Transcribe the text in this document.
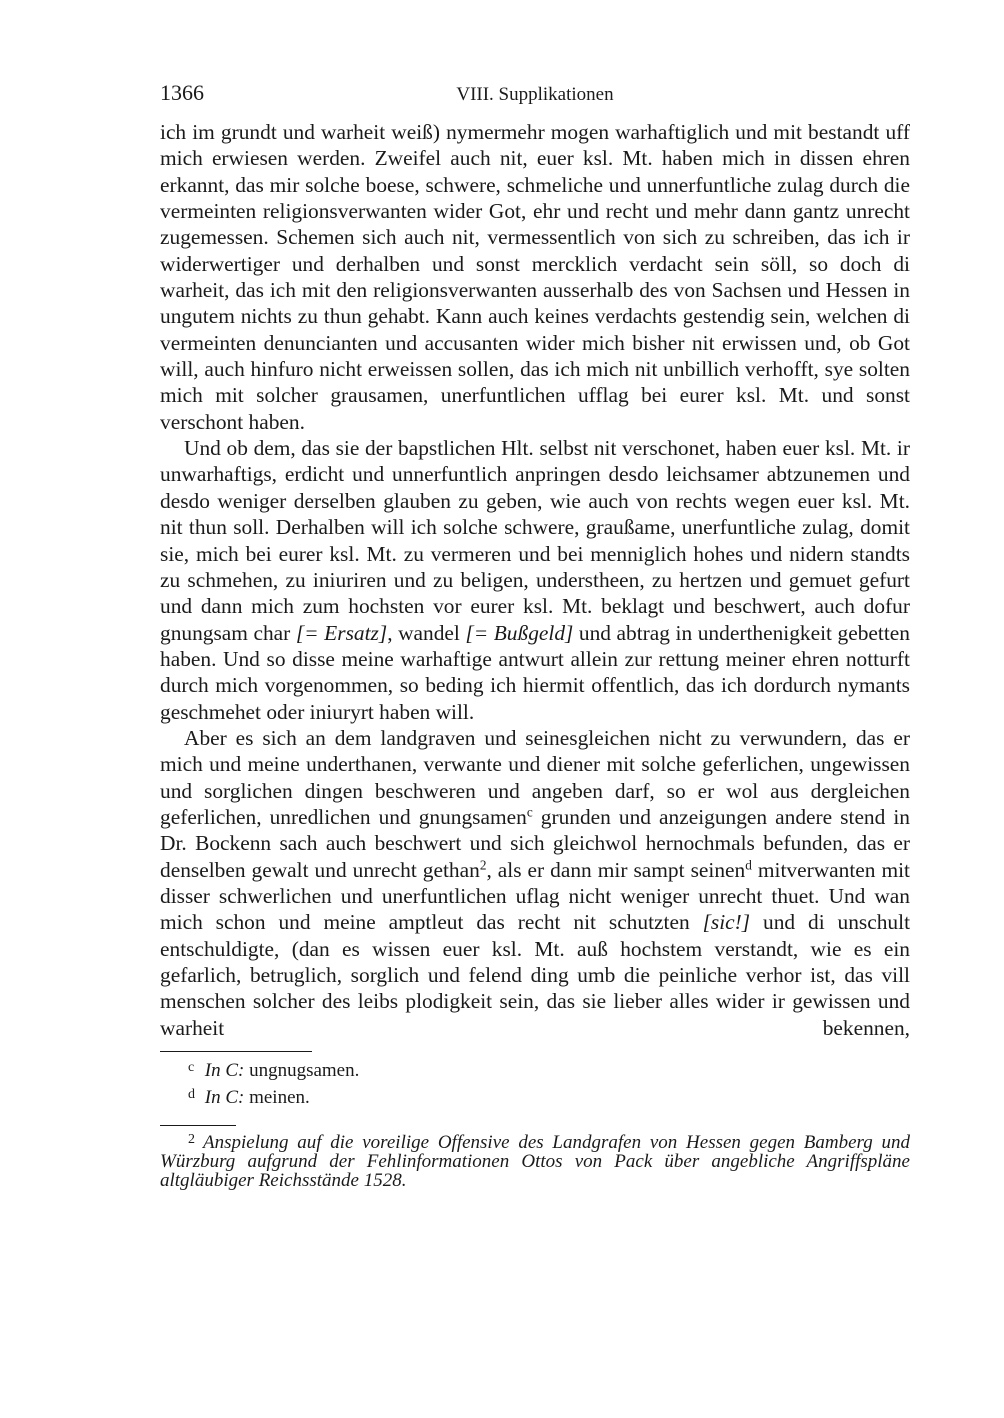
1366	VIII. Supplikationen

ich im grundt und warheit weiß) nymermehr mogen warhaftiglich und mit bestandt uff mich erwiesen werden. Zweifel auch nit, euer ksl. Mt. haben mich in dissen ehren erkannt, das mir solche boese, schwere, schmeliche und unnerfuntliche zulag durch die vermeinten religionsverwanten wider Got, ehr und recht und mehr dann gantz unrecht zugemessen. Schemen sich auch nit, vermessentlich von sich zu schreiben, das ich ir widerwertiger und derhalben und sonst mercklich verdacht sein söll, so doch di warheit, das ich mit den religionsverwanten ausserhalb des von Sachsen und Hessen in ungutem nichts zu thun gehabt. Kann auch keines verdachts gestendig sein, welchen di vermeinten denuncianten und accusanten wider mich bisher nit erwissen und, ob Got will, auch hinfuro nicht erweissen sollen, das ich mich nit unbillich verhofft, sye solten mich mit solcher grausamen, unerfuntlichen ufflag bei eurer ksl. Mt. und sonst verschont haben.

Und ob dem, das sie der bapstlichen Hlt. selbst nit verschonet, haben euer ksl. Mt. ir unwarhaftigs, erdicht und unnerfuntlich anpringen desdo leichsamer abtzunemen und desdo weniger derselben glauben zu geben, wie auch von rechts wegen euer ksl. Mt. nit thun soll. Derhalben will ich solche schwere, graußame, unerfuntliche zulag, domit sie, mich bei eurer ksl. Mt. zu vermeren und bei menniglich hohes und nidern standts zu schmehen, zu iniuriren und zu beligen, understheen, zu hertzen und gemuet gefurt und dann mich zum hochsten vor eurer ksl. Mt. beklagt und beschwert, auch dofur gnungsam char [= Ersatz], wandel [= Bußgeld] und abtrag in underthenigkeit gebetten haben. Und so disse meine warhaftige antwurt allein zur rettung meiner ehren notturft durch mich vorgenommen, so beding ich hiermit offentlich, das ich dordurch nymants geschmehet oder iniuryrt haben will.

Aber es sich an dem landgraven und seinesgleichen nicht zu verwundern, das er mich und meine underthanen, verwante und diener mit solche geferlichen, ungewissen und sorglichen dingen beschweren und angeben darf, so er wol aus dergleichen geferlichen, unredlichen und gnungsamen$^c$ grunden und anzeigungen andere stend in Dr. Bockenn sach auch beschwert und sich gleichwol hernochmals befunden, das er denselben gewalt und unrecht gethan$^2$, als er dann mir sampt seinen$^d$ mitverwanten mit disser schwerlichen und unerfuntlichen uflag nicht weniger unrecht thuet. Und wan mich schon und meine amptleut das recht nit schutzten [sic!] und di unschult entschuldigte, (dan es wissen euer ksl. Mt. auß hochstem verstandt, wie es ein gefarlich, betruglich, sorglich und felend ding umb die peinliche verhor ist, das vill menschen solcher des leibs plodigkeit sein, das sie lieber alles wider ir gewissen und warheit bekennen,

c In C: ungnugsamen.
d In C: meinen.
2 Anspielung auf die voreilige Offensive des Landgrafen von Hessen gegen Bamberg und Würzburg aufgrund der Fehlinformationen Ottos von Pack über angebliche Angriffspläne altgläubiger Reichsstände 1528.
